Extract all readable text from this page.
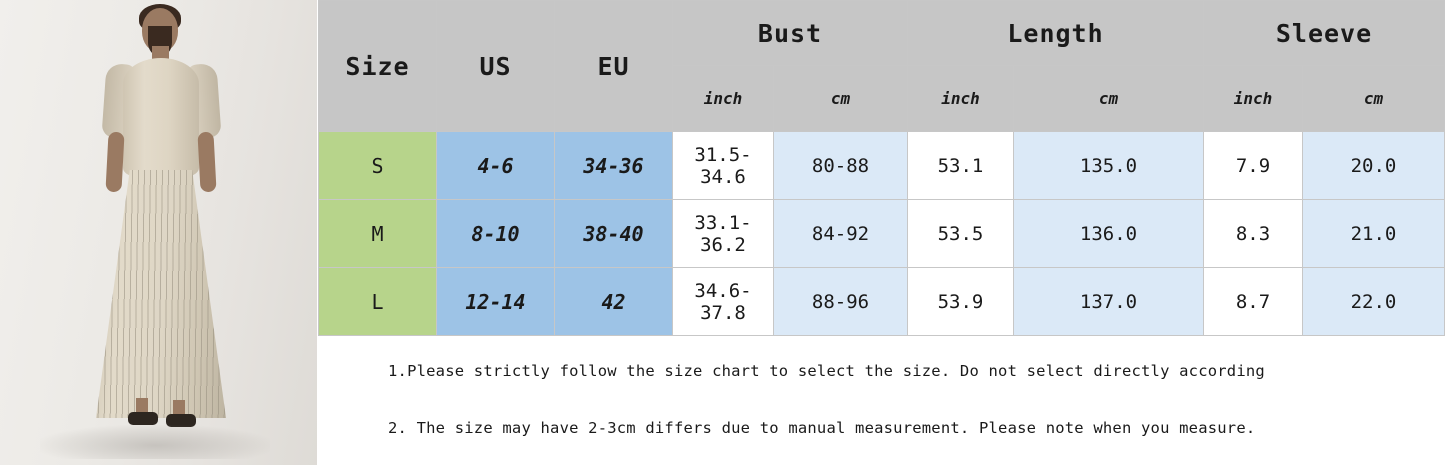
Size	US	EU	Bust		Length		Sleeve	
			inch	cm	inch	cm	inch	cm
S	4-6	34-36	31.5-34.6	80-88	53.1	135.0	7.9	20.0
M	8-10	38-40	33.1-36.2	84-92	53.5	136.0	8.3	21.0
L	12-14	42	34.6-37.8	88-96	53.9	137.0	8.7	22.0
1.Please strictly follow the size chart to select the size. Do not select directly according
2. The size may have 2-3cm differs due to manual measurement. Please note when you measure.
